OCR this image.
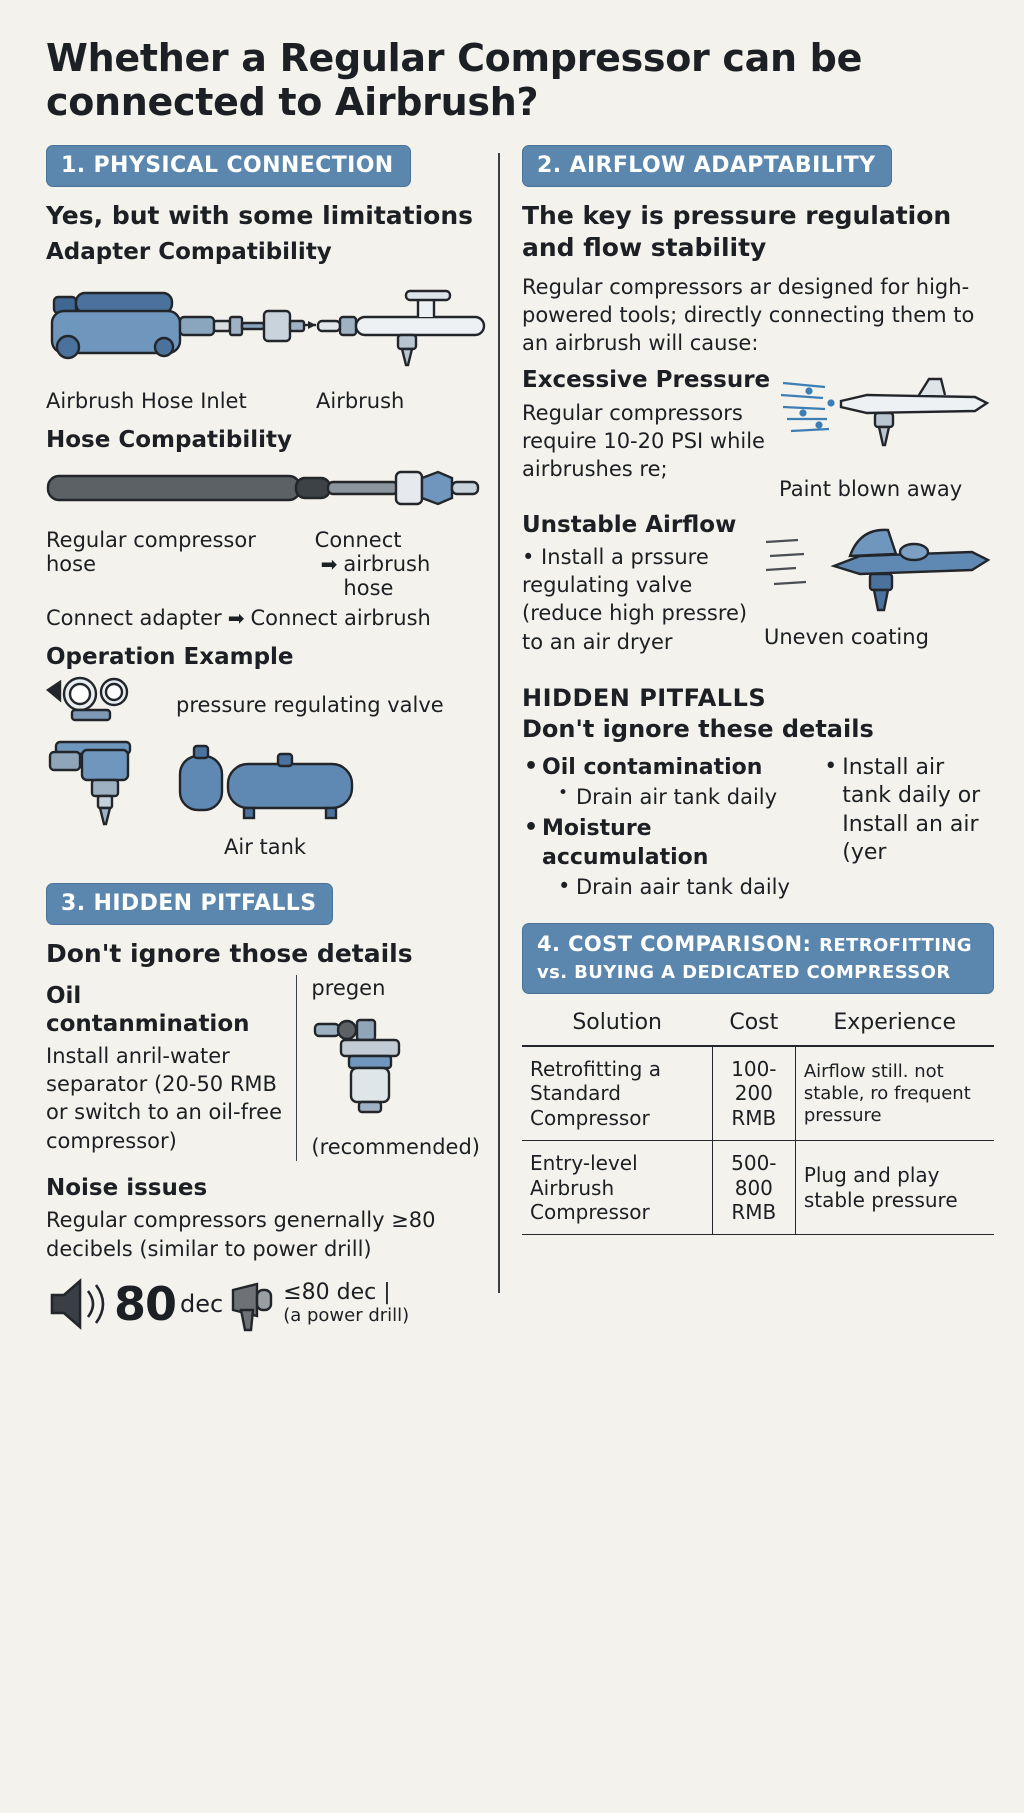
Whether a Regular Compressor can be connected to Airbrush?
1. PHYSICAL CONNECTION
Yes, but with some limitations
Adapter Compatibility
Airbrush Hose Inlet	Airbrush
Hose Compatibility
Regular compressor
hose
Connect
➡ airbrush hose
Connect adapter ➡ Connect airbrush
Operation Example
pressure regulating valve
Air tank
3. HIDDEN PITFALLS
Don't ignore those details
Oil contanmination

Install anril-water separator (20-50 RMB or switch to an oil-free compressor)

pregen
(recommended)
Noise issues

Regular compressors genernally ≥80 decibels (similar to power drill)

80 dec	≤80 dec |
(a power drill)
2. AIRFLOW ADAPTABILITY
The key is pressure regulation
and flow stability

Regular compressors ar designed for high-powered tools; directly connecting them to an airbrush will cause:

Excessive Pressure

Regular compressors require 10-20 PSI while airbrushes re;

Paint blown away
Unstable Airflow

• Install a prssure regulating valve (reduce high pressre) to an air dryer	Uneven coating
HIDDEN PITFALLS
Don't ignore these details
• Oil contamination
• Drain air tank daily
• Moisture accumulation
• Drain aair tank daily
• Install air tank daily or Install an air (yer
4. COST COMPARISON: RETROFITTING vs. BUYING A DEDICATED COMPRESSOR
Solution	Cost	Experience
Retrofitting a Standard Compressor	100-200 RMB	Airflow still. not stable, ro frequent pressure
Entry-level Airbrush Compressor	500-800 RMB	Plug and play stable pressure
